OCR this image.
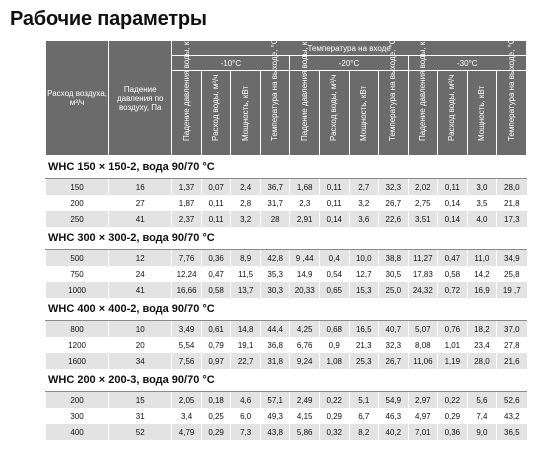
Рабочие параметры
Расход воздуха, м³/ч	Падение давления по воздуху, Па	Температура на входе											
		-10°С				-20°С				-30°С			

		Падение давления воды, кПа	Расход воды, м³/ч	Мощность, кВт	Температура на выходе, °С	Падение давления воды, кПа	Расход воды, м³/ч	Мощность, кВт	Температура на выходе, °С	Падение давления воды, кПа	Расход воды, м³/ч	Мощность, кВт	Температура на выходе, °С

WHC 150 × 150-2, вода 90/70 °C													
150	16	1,37	0,07	2,4	36,7	1,68	0,11	2,7	32,3	2,02	0,11	3,0	28,0
200	27	1,87	0,11	2,8	31,7	2,3	0,11	3,2	26,7	2,75	0,14	3,5	21,8
250	41	2,37	0,11	3,2	28	2,91	0,14	3,6	22,6	3,51	0,14	4,0	17,3
WHC 300 × 300-2, вода 90/70 °C													
500	12	7,76	0,36	8,9	42,8	9 ,44	0,4	10,0	38,8	11,27	0,47	11,0	34,9
750	24	12,24	0,47	11,5	35,3	14,9	0,54	12,7	30,5	17,83	0,58	14,2	25,8
1000	41	16,66	0,58	13,7	30,3	20,33	0,65	15,3	25,0	24,32	0,72	16,9	19 ,7
WHC 400 × 400-2, вода 90/70 °C													
800	10	3,49	0,61	14,8	44,4	4,25	0,68	16,5	40,7	5,07	0,76	18,2	37,0
1200	20	5,54	0,79	19,1	36,8	6,76	0,9	21,3	32,3	8,08	1,01	23,4	27,8
1600	34	7,56	0,97	22,7	31,8	9,24	1,08	25,3	26,7	11,06	1,19	28,0	21,6
WHC 200 × 200-3, вода 90/70 °C													
200	15	2,05	0,18	4,6	57,1	2,49	0,22	5,1	54,9	2,97	0,22	5,6	52,6
300	31	3,4	0,25	6,0	49,3	4,15	0,29	6,7	46,3	4,97	0,29	7,4	43,2
400	52	4,79	0,29	7,3	43,8	5,86	0,32	8,2	40,2	7,01	0,36	9,0	36,5
